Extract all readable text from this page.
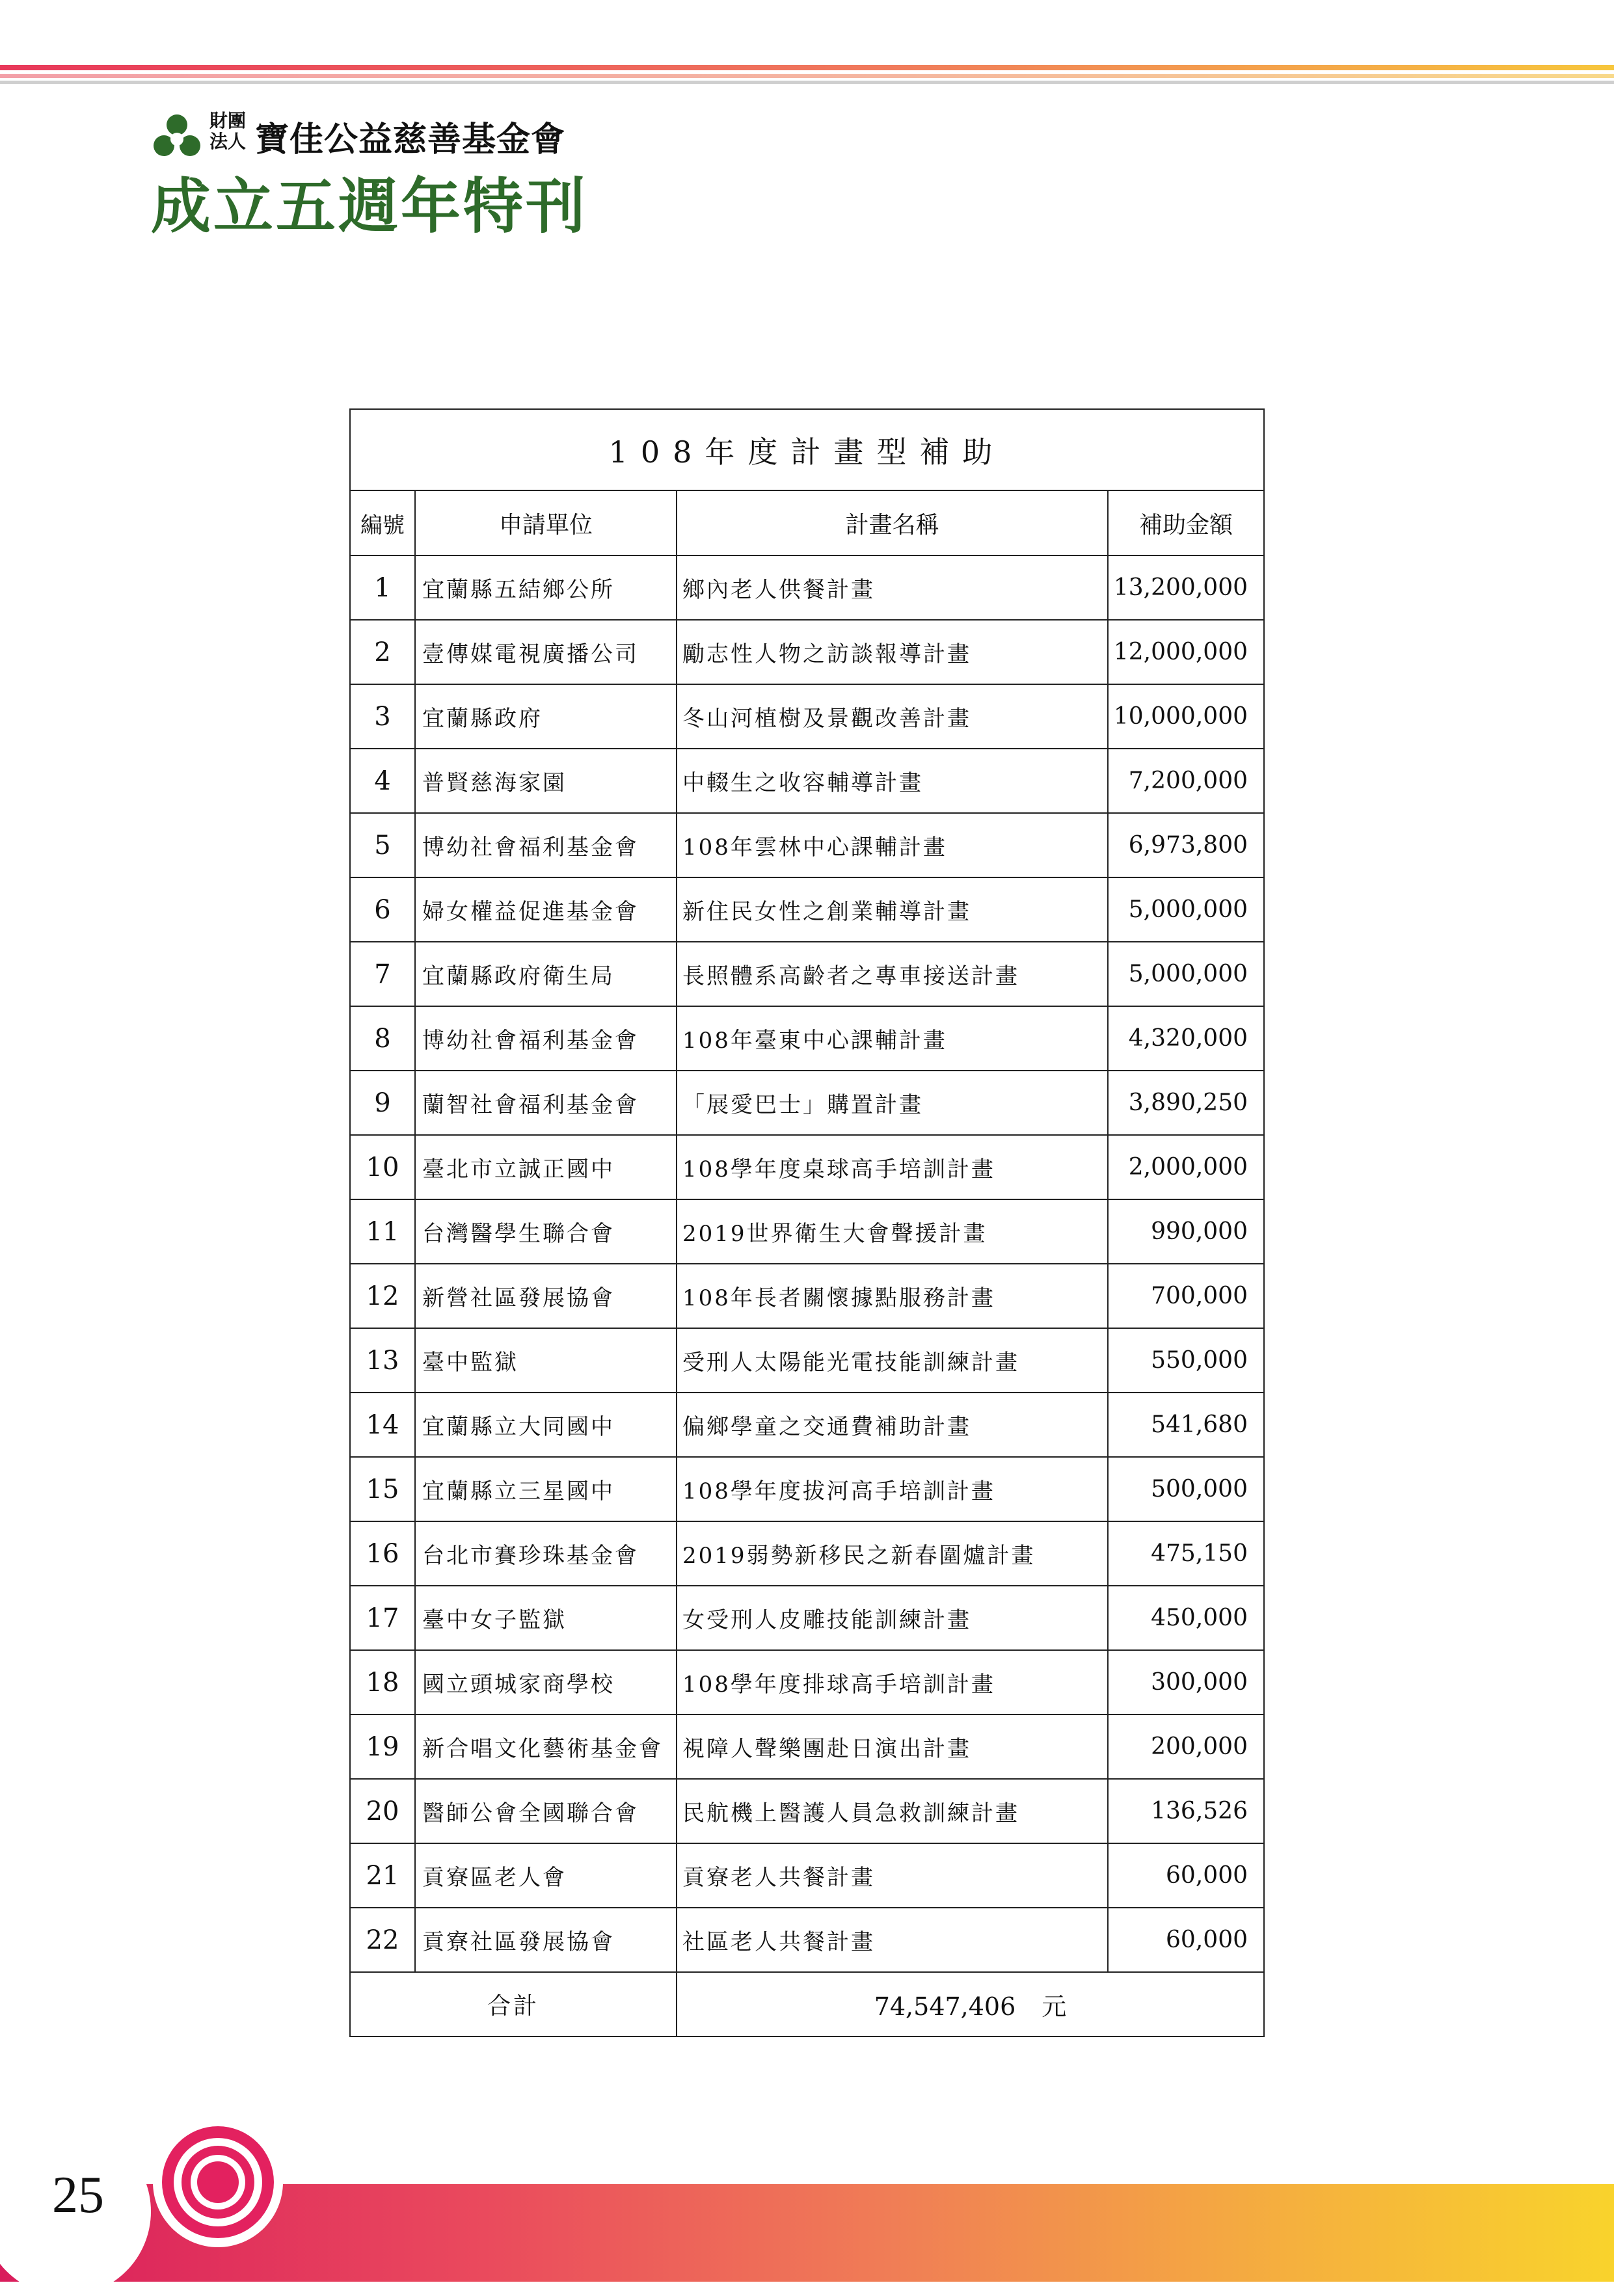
財團
法人 寶佳公益慈善基金會
成立五週年特刊
108年度計畫型補助			
編號	申請單位	計畫名稱	補助金額
1	宜蘭縣五結鄉公所	鄉內老人供餐計畫	13,200,000
2	壹傳媒電視廣播公司	勵志性人物之訪談報導計畫	12,000,000
3	宜蘭縣政府	冬山河植樹及景觀改善計畫	10,000,000
4	普賢慈海家園	中輟生之收容輔導計畫	7,200,000
5	博幼社會福利基金會	108年雲林中心課輔計畫	6,973,800
6	婦女權益促進基金會	新住民女性之創業輔導計畫	5,000,000
7	宜蘭縣政府衛生局	長照體系高齡者之專車接送計畫	5,000,000
8	博幼社會福利基金會	108年臺東中心課輔計畫	4,320,000
9	蘭智社會福利基金會	「展愛巴士」購置計畫	3,890,250
10	臺北市立誠正國中	108學年度桌球高手培訓計畫	2,000,000
11	台灣醫學生聯合會	2019世界衛生大會聲援計畫	990,000
12	新營社區發展協會	108年長者關懷據點服務計畫	700,000
13	臺中監獄	受刑人太陽能光電技能訓練計畫	550,000
14	宜蘭縣立大同國中	偏鄉學童之交通費補助計畫	541,680
15	宜蘭縣立三星國中	108學年度拔河高手培訓計畫	500,000
16	台北市賽珍珠基金會	2019弱勢新移民之新春圍爐計畫	475,150
17	臺中女子監獄	女受刑人皮雕技能訓練計畫	450,000
18	國立頭城家商學校	108學年度排球高手培訓計畫	300,000
19	新合唱文化藝術基金會	視障人聲樂團赴日演出計畫	200,000
20	醫師公會全國聯合會	民航機上醫護人員急救訓練計畫	136,526
21	貢寮區老人會	貢寮老人共餐計畫	60,000
22	貢寮社區發展協會	社區老人共餐計畫	60,000
合計		74,547,406 元	
25
